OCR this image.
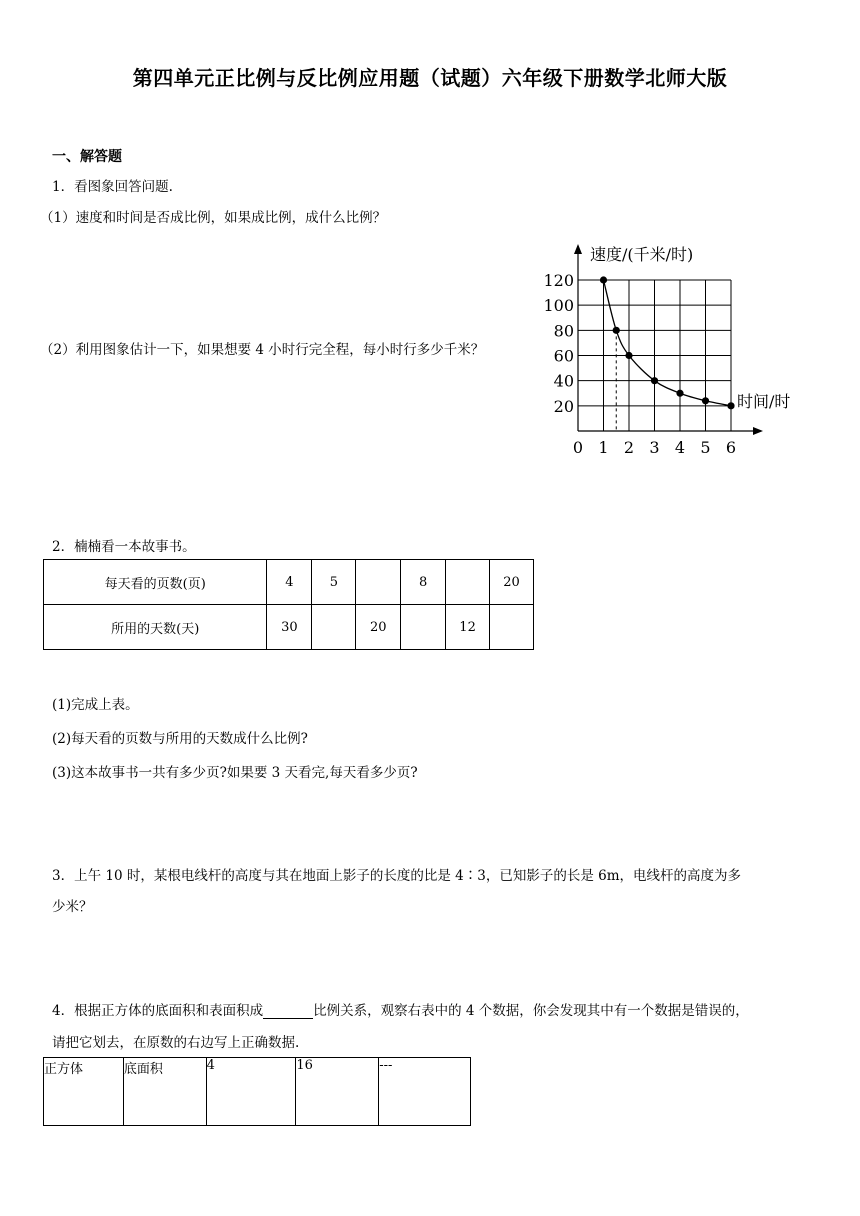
第四单元正比例与反比例应用题（试题）六年级下册数学北师大版
一、解答题
1．看图象回答问题.
（1）速度和时间是否成比例，如果成比例，成什么比例？
（2）利用图象估计一下，如果想要 4 小时行完全程，每小时行多少千米？
20
40
60
80
100
120
0 1 2 3 4 5 6
速度/(千米/时)
时间/时
2．楠楠看一本故事书。
每天看的页数(页)	4	5		8		20
所用的天数(天)	30		20		12	
(1)完成上表。
(2)每天看的页数与所用的天数成什么比例?
(3)这本故事书一共有多少页?如果要 3 天看完,每天看多少页?
3．上午 10 时，某根电线杆的高度与其在地面上影子的长度的比是 4∶3，已知影子的长是 6m，电线杆的高度为多
少米？
4．根据正方体的底面积和表面积成	比例关系，观察右表中的 4 个数据，你会发现其中有一个数据是错误的，
请把它划去，在原数的右边写上正确数据.
正方体	底面积	4	16	---
